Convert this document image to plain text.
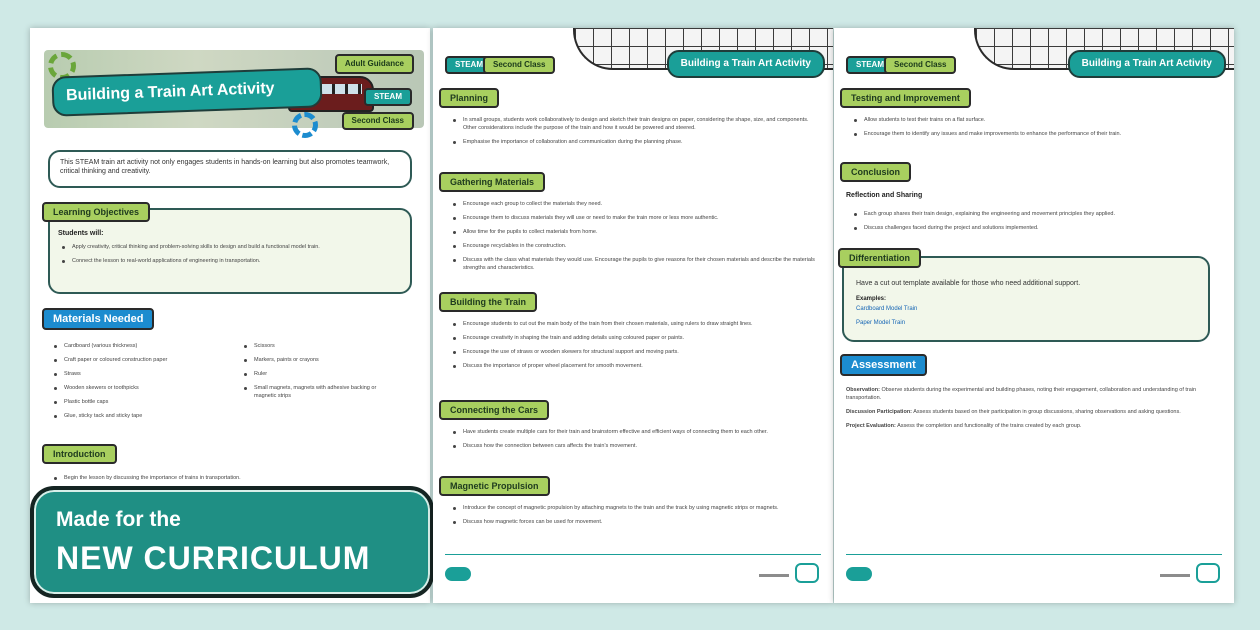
Building a Train Art Activity
Adult Guidance
STEAM
Second Class
This STEAM train art activity not only engages students in hands-on learning but also promotes teamwork, critical thinking and creativity.
Learning Objectives
Students will:
Apply creativity, critical thinking and problem-solving skills to design and build a functional model train.
Connect the lesson to real-world applications of engineering in transportation.
Materials Needed
Cardboard (various thickness)
Craft paper or coloured construction paper
Straws
Wooden skewers or toothpicks
Plastic bottle caps
Glue, sticky tack and sticky tape
Scissors
Markers, paints or crayons
Ruler
Small magnets, magnets with adhesive backing or magnetic strips
Introduction
Begin the lesson by discussing the importance of trains in transportation.
Made for the
NEW CURRICULUM
STEAM	Second Class	Building a Train Art Activity
Planning
In small groups, students work collaboratively to design and sketch their train designs on paper, considering the shape, size, and components. Other considerations include the purpose of the train and how it would be powered and steered.
Emphasise the importance of collaboration and communication during the planning phase.
Gathering Materials
Encourage each group to collect the materials they need.
Encourage them to discuss materials they will use or need to make the train more or less more authentic.
Allow time for the pupils to collect materials from home.
Encourage recyclables in the construction.
Discuss with the class what materials they would use. Encourage the pupils to give reasons for their chosen materials and describe the materials strengths and characteristics.
Building the Train
Encourage students to cut out the main body of the train from their chosen materials, using rulers to draw straight lines.
Encourage creativity in shaping the train and adding details using coloured paper or paints.
Encourage the use of straws or wooden skewers for structural support and moving parts.
Discuss the importance of proper wheel placement for smooth movement.
Connecting the Cars
Have students create multiple cars for their train and brainstorm effective and efficient ways of connecting them to each other.
Discuss how the connection between cars affects the train's movement.
Magnetic Propulsion
Introduce the concept of magnetic propulsion by attaching magnets to the train and the track by using magnetic strips or magnets.
Discuss how magnetic forces can be used for movement.
STEAM	Second Class	Building a Train Art Activity
Testing and Improvement
Allow students to test their trains on a flat surface.
Encourage them to identify any issues and make improvements to enhance the performance of their train.
Conclusion
Reflection and Sharing
Each group shares their train design, explaining the engineering and movement principles they applied.
Discuss challenges faced during the project and solutions implemented.
Differentiation
Have a cut out template available for those who need additional support.
Examples:
Cardboard Model Train
Paper Model Train
Assessment

Observation: Observe students during the experimental and building phases, noting their engagement, collaboration and understanding of train transportation.

Discussion Participation: Assess students based on their participation in group discussions, sharing observations and asking questions.

Project Evaluation: Assess the completion and functionality of the trains created by each group.
